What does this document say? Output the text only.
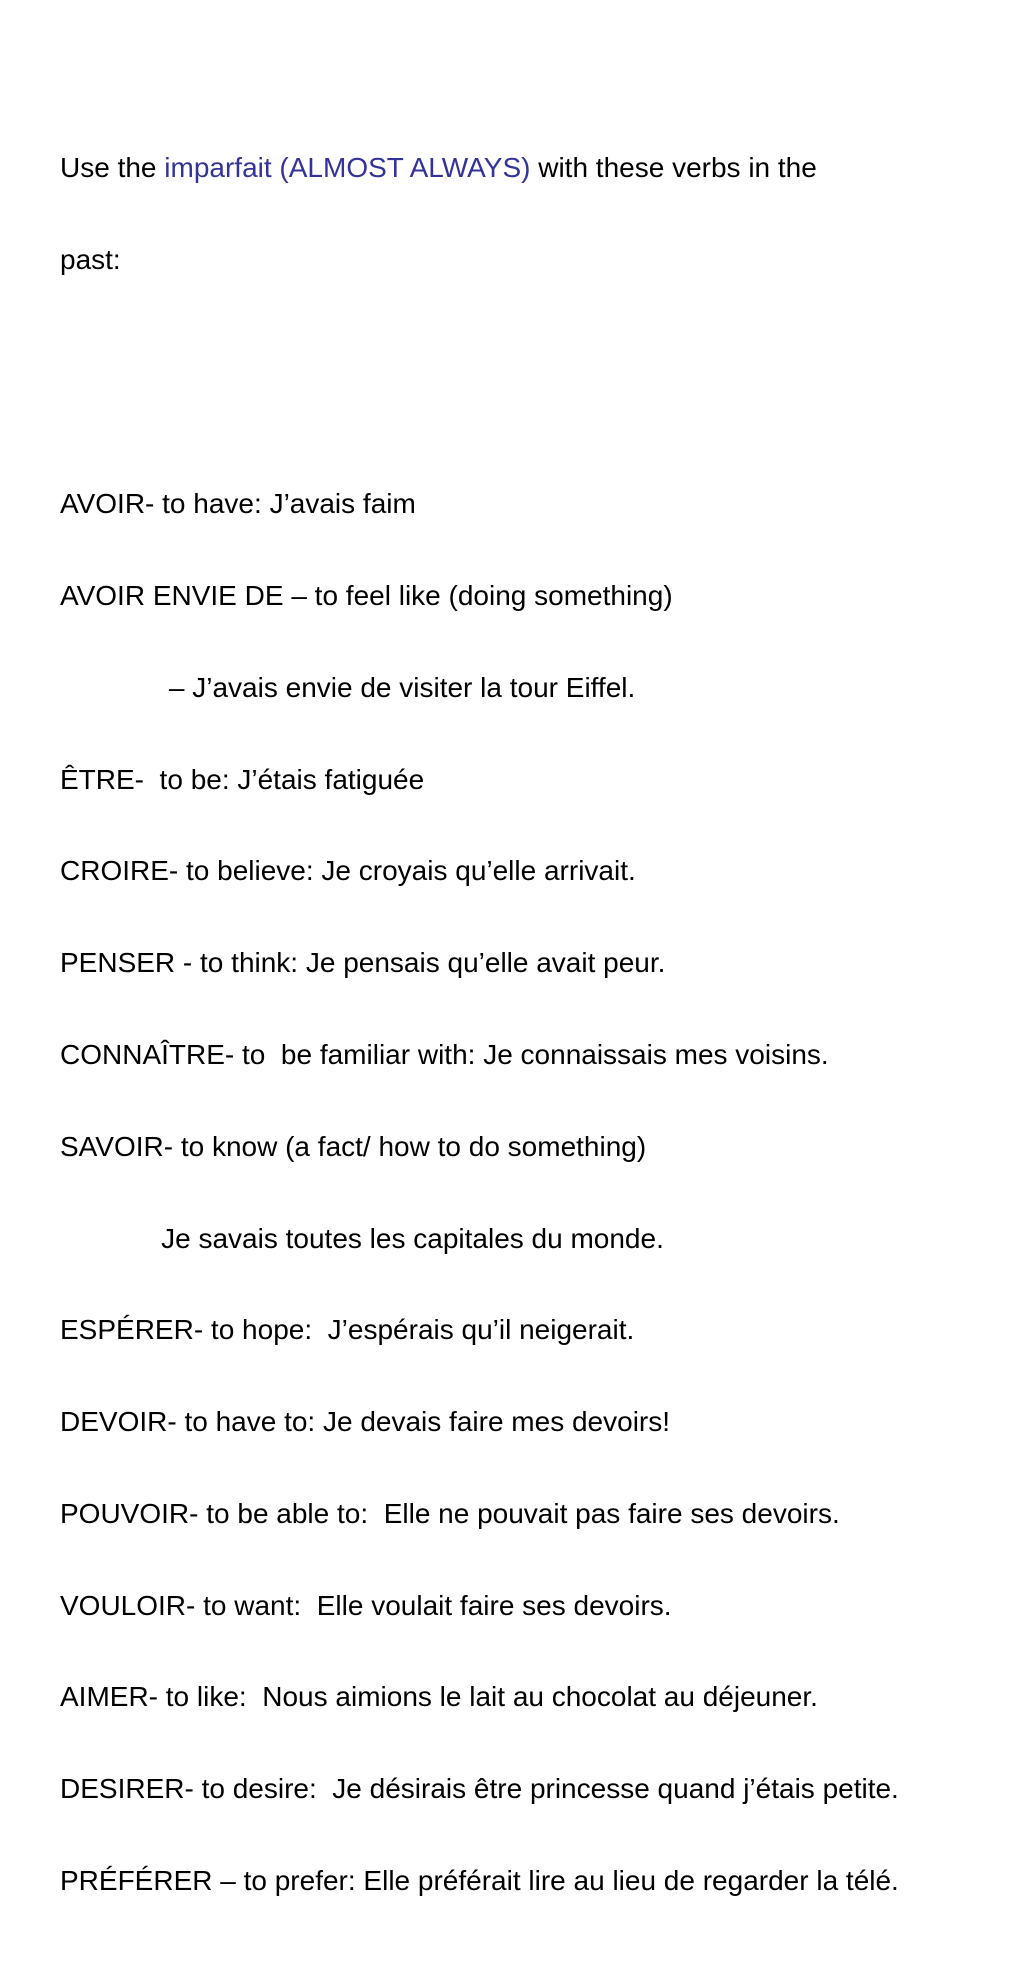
Use the imparfait (ALMOST ALWAYS) with these verbs in the

past:

AVOIR- to have: J’avais faim

AVOIR ENVIE DE – to feel like (doing something)

– J’avais envie de visiter la tour Eiffel.

ÊTRE-  to be: J’étais fatiguée

CROIRE- to believe: Je croyais qu’elle arrivait.

PENSER - to think: Je pensais qu’elle avait peur.

CONNAÎTRE- to  be familiar with: Je connaissais mes voisins.

SAVOIR- to know (a fact/ how to do something)

Je savais toutes les capitales du monde.

ESPÉRER- to hope:  J’espérais qu’il neigerait.

DEVOIR- to have to: Je devais faire mes devoirs!

POUVOIR- to be able to:  Elle ne pouvait pas faire ses devoirs.

VOULOIR- to want:  Elle voulait faire ses devoirs.

AIMER- to like:  Nous aimions le lait au chocolat au déjeuner.

DESIRER- to desire:  Je désirais être princesse quand j’étais petite.

PRÉFÉRER – to prefer: Elle préférait lire au lieu de regarder la télé.
